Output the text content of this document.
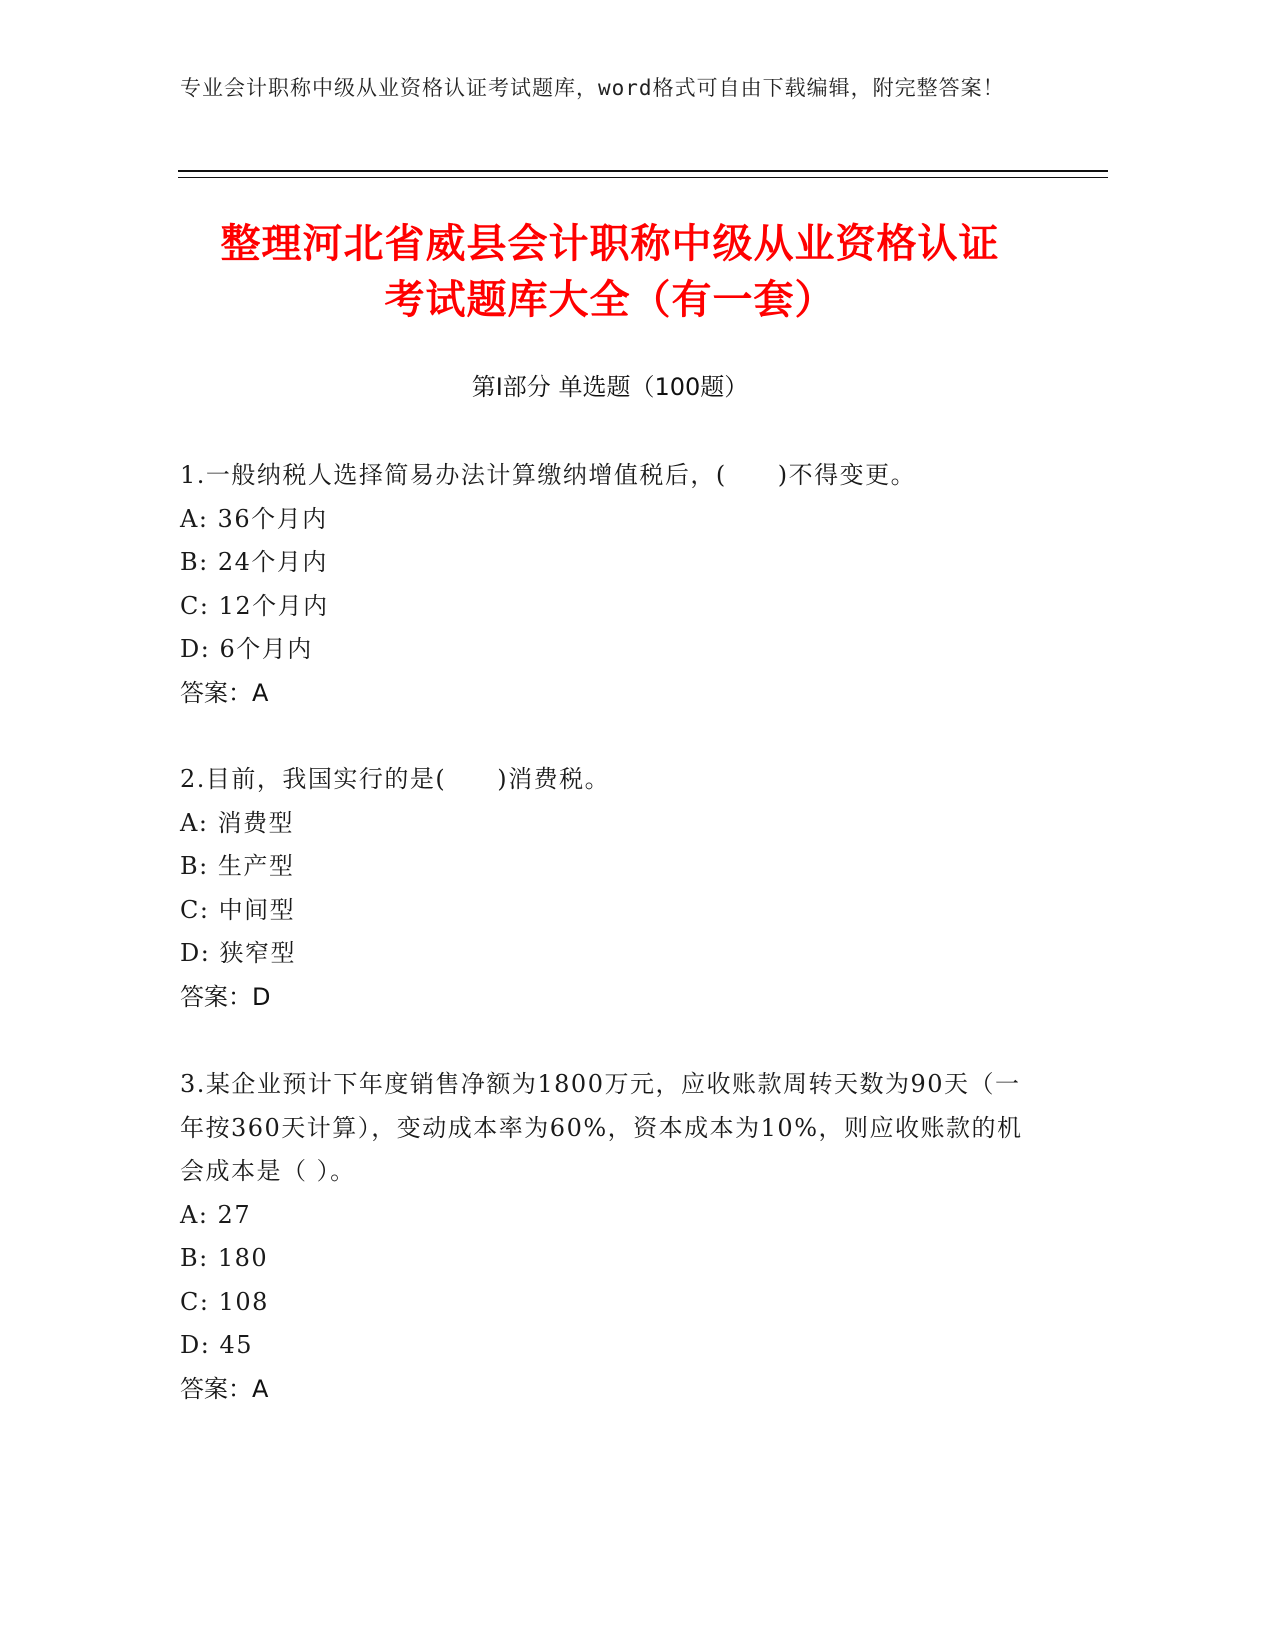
专业会计职称中级从业资格认证考试题库，word格式可自由下载编辑，附完整答案！
整理河北省威县会计职称中级从业资格认证
考试题库大全（有一套）
第Ⅰ部分 单选题（100题）
1.一般纳税人选择简易办法计算缴纳增值税后，(　　)不得变更。
A: 36个月内
B: 24个月内
C: 12个月内
D: 6个月内
答案：A
2.目前，我国实行的是(　　)消费税。
A: 消费型
B: 生产型
C: 中间型
D: 狭窄型
答案：D
3.某企业预计下年度销售净额为1800万元，应收账款周转天数为90天（一年按360天计算），变动成本率为60%，资本成本为10%，则应收账款的机会成本是（ ）。
A: 27
B: 180
C: 108
D: 45
答案：A
